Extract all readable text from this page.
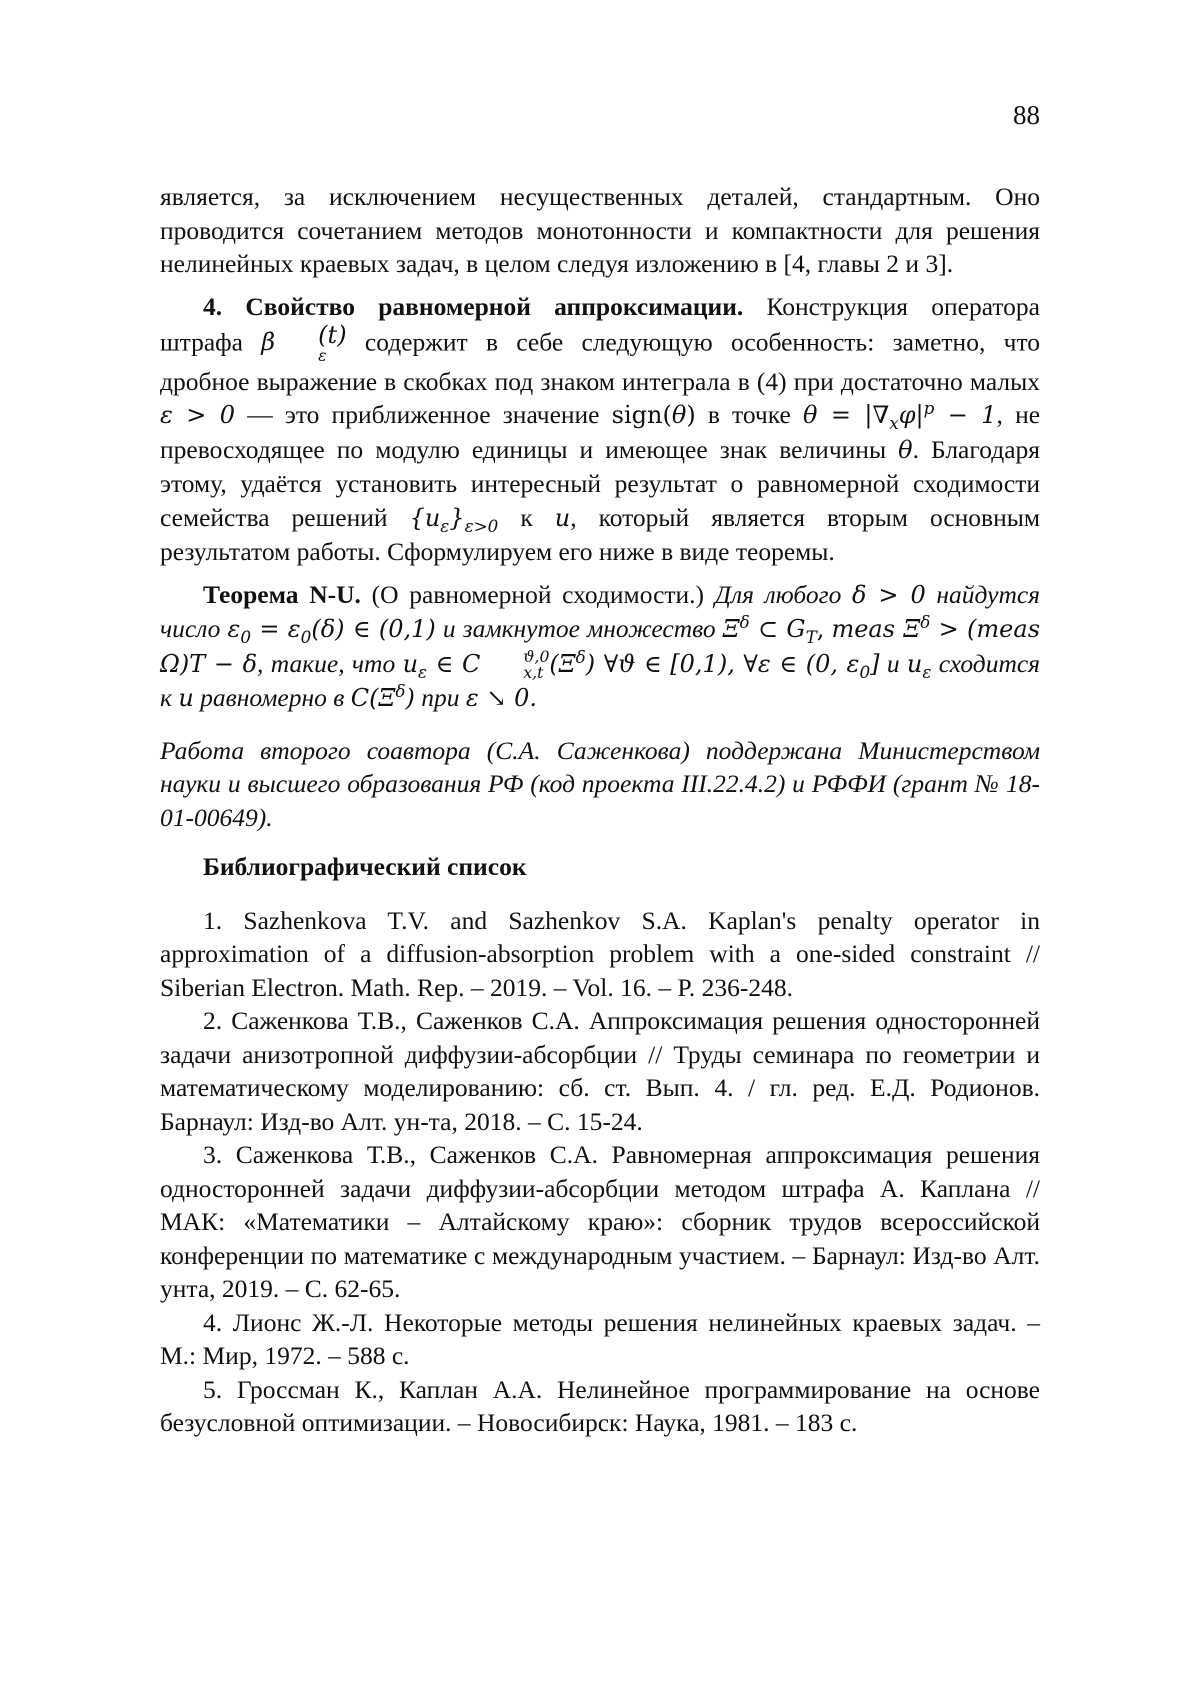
88

является, за исключением несущественных деталей, стандартным. Оно проводится сочетанием методов монотонности и компактности для решения нелинейных краевых задач, в целом следуя изложению в [4, главы 2 и 3].

4. Свойство равномерной аппроксимации. Конструкция оператора штрафа β	(t)
ε	содержит в себе следующую особенность: заметно, что дробное выражение в скобках под знаком интеграла в (4) при достаточно малых ε > 0 — это приближенное значение sign(θ) в точке θ = |∇xφ|p − 1, не превосходящее по модулю единицы и имеющее знак величины θ. Благодаря этому, удаётся установить интересный результат о равномерной сходимости семейства решений {uε}ε>0 к u, который является вторым основным результатом работы. Сформулируем его ниже в виде теоремы.

Теорема N-U. (О равномерной сходимости.) Для любого δ > 0 найдутся число ε0 = ε0(δ) ∈ (0,1) и замкнутое множество Ξδ ⊂ GT, meas Ξδ > (meas Ω)T − δ, такие, что uε ∈ C	ϑ,0
x,t (Ξδ) ∀ϑ ∈ [0,1), ∀ε ∈ (0, ε0] и uε сходится к u равномерно в C(Ξδ) при ε ↘ 0.

Работа второго соавтора (С.А. Саженкова) поддержана Министерством науки и высшего образования РФ (код проекта III.22.4.2) и РФФИ (грант № 18-01-00649).

Библиографический список

1. Sazhenkova T.V. and Sazhenkov S.A. Kaplan's penalty operator in approximation of a diffusion-absorption problem with a one-sided constraint // Siberian Electron. Math. Rep. – 2019. – Vol. 16. – P. 236-248.

2. Саженкова Т.В., Саженков С.А. Аппроксимация решения односторонней задачи анизотропной диффузии-абсорбции // Труды семинара по геометрии и математическому моделированию: сб. ст. Вып. 4. / гл. ред. Е.Д. Родионов. Барнаул: Изд-во Алт. ун-та, 2018. – С. 15-24.

3. Саженкова Т.В., Саженков С.А. Равномерная аппроксимация решения односторонней задачи диффузии-абсорбции методом штрафа А. Каплана // МАК: «Математики – Алтайскому краю»: сборник трудов всероссийской конференции по математике с международным участием. – Барнаул: Изд-во Алт. унта, 2019. – С. 62-65.

4. Лионс Ж.-Л. Некоторые методы решения нелинейных краевых задач. – М.: Мир, 1972. – 588 с.

5. Гроссман К., Каплан А.А. Нелинейное программирование на основе безусловной оптимизации. – Новосибирск: Наука, 1981. – 183 с.
